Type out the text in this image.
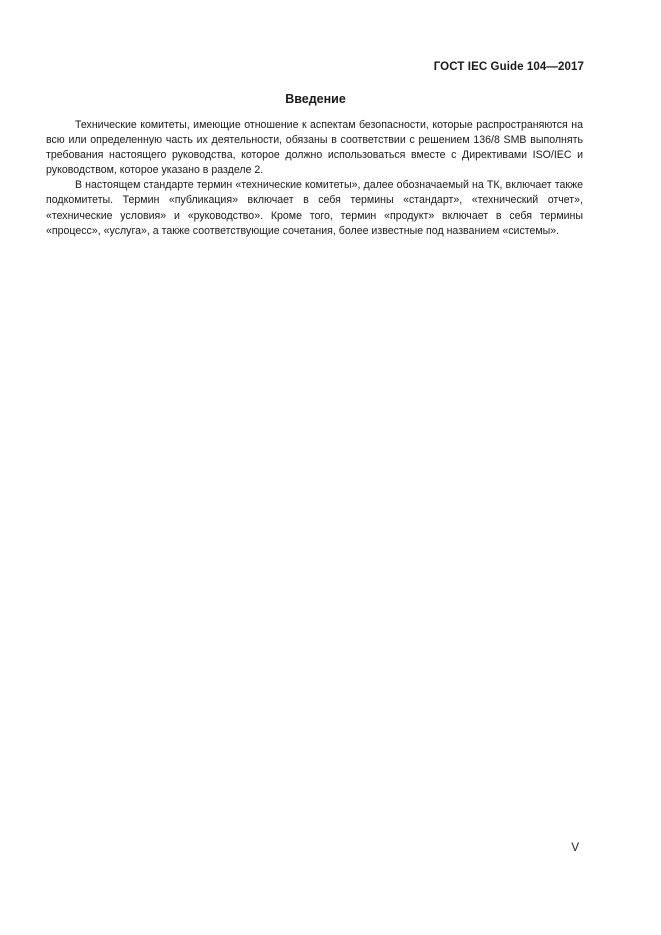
ГОСТ IEC Guide 104—2017
Введение

Технические комитеты, имеющие отношение к аспектам безопасности, которые распространяются на всю или определенную часть их деятельности, обязаны в соответствии с решением 136/8 SMB выполнять требования настоящего руководства, которое должно использоваться вместе с Директивами ISO/IEC и руководством, которое указано в разделе 2.

В настоящем стандарте термин «технические комитеты», далее обозначаемый на ТК, включает также подкомитеты. Термин «публикация» включает в себя термины «стандарт», «технический отчет», «технические условия» и «руководство». Кроме того, термин «продукт» включает в себя термины «процесс», «услуга», а также соответствующие сочетания, более известные под названием «системы».

V
